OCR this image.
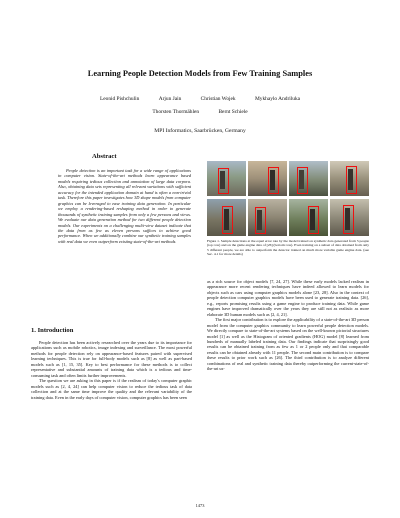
Learning People Detection Models from Few Training Samples
Leonid Pishchulin	Arjun Jain	Christian Wojek	Mykhaylo Andriluka
Thorsten Thormählen	Bernt Schiele
MPI Informatics, Saarbrücken, Germany
Abstract

People detection is an important task for a wide range of applications in computer vision. State-of-the-art methods learn appearance based models requiring tedious collection and annotation of large data corpora. Also, obtaining data sets representing all relevant variations with sufficient accuracy for the intended application domain at hand is often a non-trivial task. Therefore this paper investigates how 3D shape models from computer graphics can be leveraged to ease training data generation. In particular we employ a rendering-based reshaping method in order to generate thousands of synthetic training samples from only a few persons and views. We evaluate our data generation method for two different people detection models. Our experiments on a challenging multi-view dataset indicate that the data from as few as eleven persons suffices to achieve good performance. When we additionally combine our synthetic training samples with real data we even outperform existing state-of-the-art methods.

1. Introduction

People detection has been actively researched over the years due to its importance for applications such as mobile robotics, image indexing and surveillance. The most powerful methods for people detection rely on appearance-based features paired with supervised learning techniques. This is true for full-body models such as [8] as well as part-based models such as [1, 15, 35]. Key to best performance for these methods is to collect representative and substantial amounts of training data which is a tedious and time-consuming task and often limits further improvements.

The question we are asking in this paper is if the realism of today's computer graphic models such as [2, 4, 24] can help computer vision to reduce the tedious task of data collection and at the same time improve the quality and the relevant variability of the training data. Even in the early days of computer vision, computer graphics has been seen

Figure 1. Sample detections at the equal error rate by the model trained on synthetic data generated from 5 people (top row) and on the game engine data of [26] (bottom row). Even training on a subset of data obtained from only 5 different people, we are able to outperform the detector trained on much more variable game engine data. (see Sec. 4.1 for more details)

as a rich source for object models [7, 24, 27]. While these early models lacked realism in appearance more recent rendering techniques have indeed allowed to learn models for objects such as cars using computer graphics models alone [23, 28]. Also in the context of people detection computer graphics models have been used to generate training data. [26], e.g., reports promising results using a game engine to produce training data. While game engines have improved dramatically over the years they are still not as realistic as more elaborate 3D human models such as [2, 4, 21].

The first major contribution is to explore the applicability of a state-of-the-art 3D person model from the computer graphics community to learn powerful people detection models. We directly compare to state-of-the-art systems based on the well-known pictorial structures model [1] as well as the Histogram of oriented gradients (HOG) model [8] learned from hundreds of manually labeled training data. Our findings indicate that surprisingly good results can be obtained training from as few as 1 or 2 people only and that comparable results can be obtained already with 11 people. The second main contribution is to compare these results to prior work such as [26]. The third contribution is to analyze different combinations of real and synthetic training data thereby outperforming the current-state-of-the-art us-

1473
